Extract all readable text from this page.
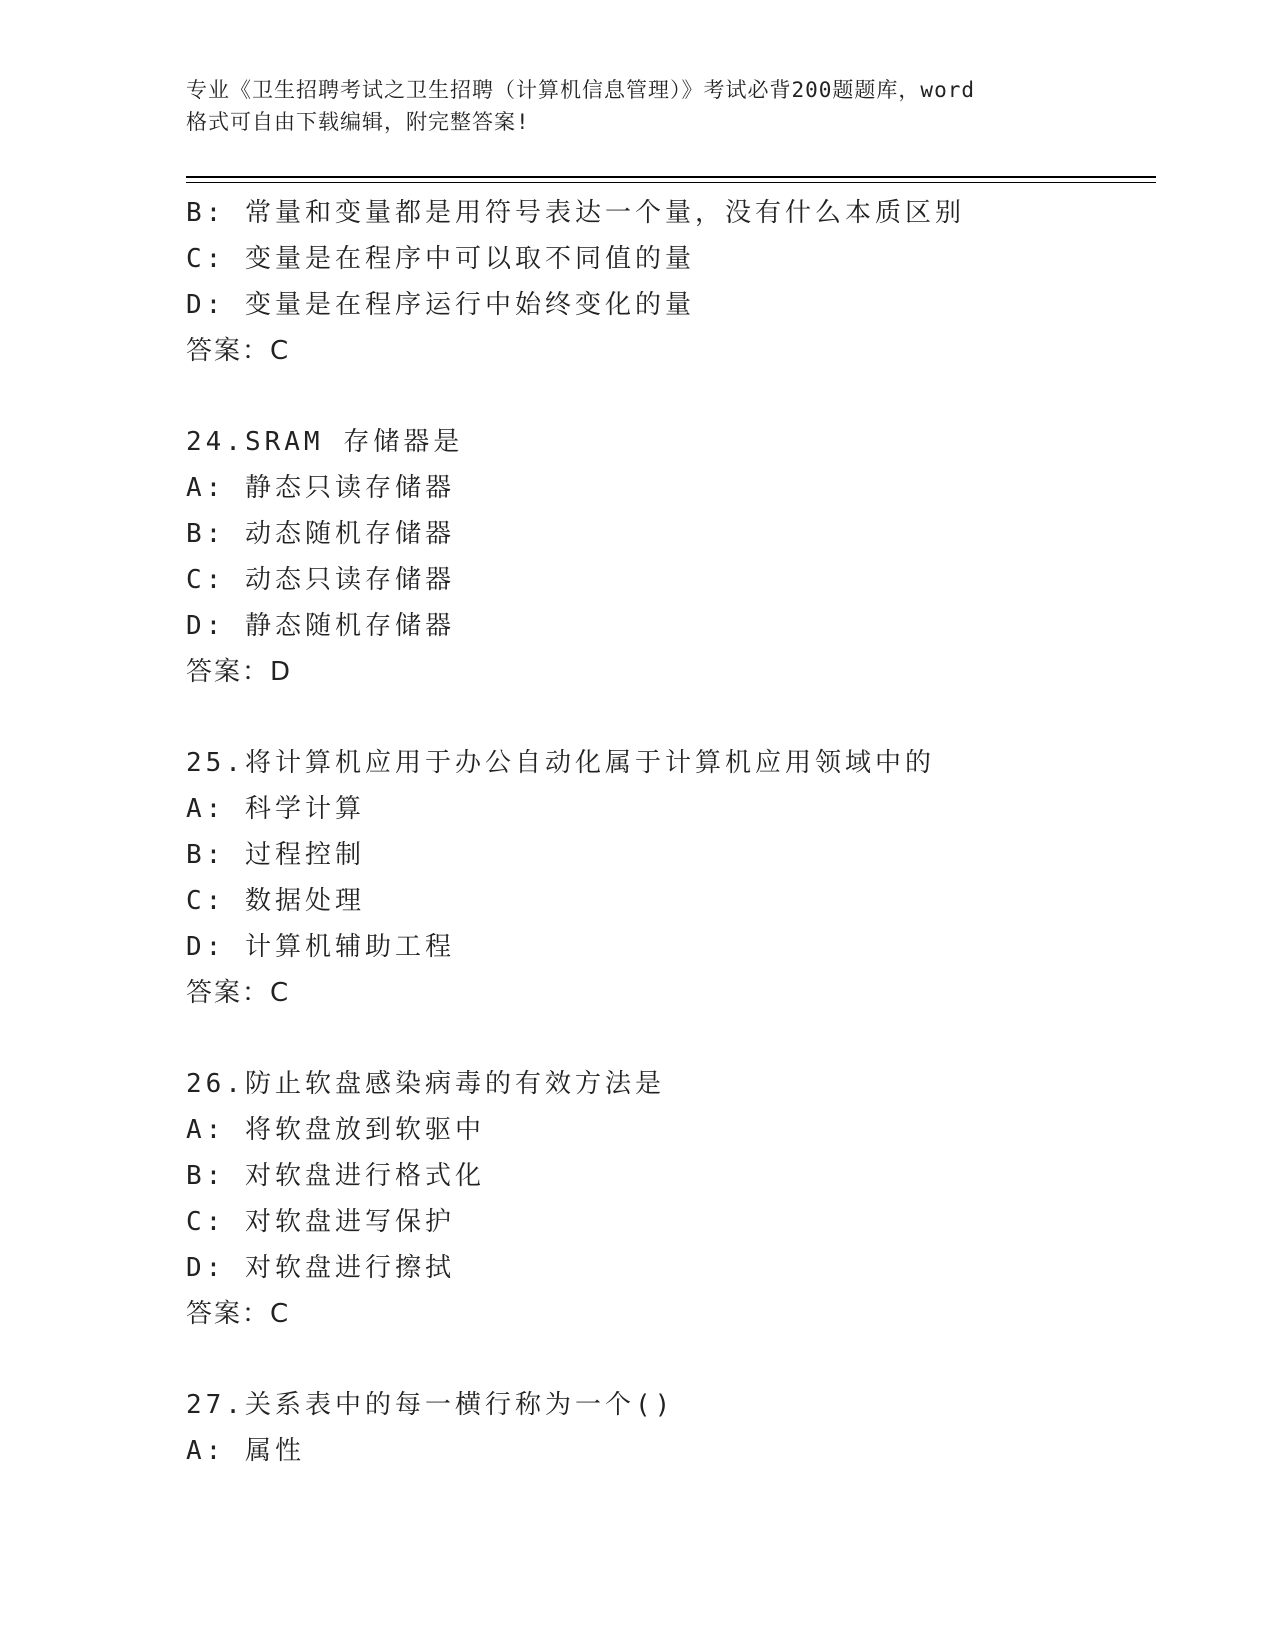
专业《卫生招聘考试之卫生招聘（计算机信息管理）》考试必背200题题库，word
格式可自由下载编辑，附完整答案!
B: 常量和变量都是用符号表达一个量，没有什么本质区别
C: 变量是在程序中可以取不同值的量
D: 变量是在程序运行中始终变化的量
答案：C
24.SRAM 存储器是
A: 静态只读存储器
B: 动态随机存储器
C: 动态只读存储器
D: 静态随机存储器
答案：D
25.将计算机应用于办公自动化属于计算机应用领域中的
A: 科学计算
B: 过程控制
C: 数据处理
D: 计算机辅助工程
答案：C
26.防止软盘感染病毒的有效方法是
A: 将软盘放到软驱中
B: 对软盘进行格式化
C: 对软盘进写保护
D: 对软盘进行擦拭
答案：C
27.关系表中的每一横行称为一个()
A: 属性
